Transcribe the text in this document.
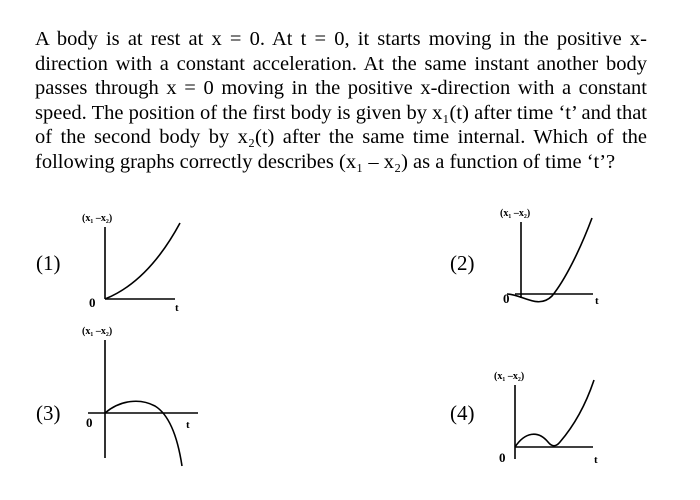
A body is at rest at x = 0. At t = 0, it starts moving in the positive x-direction with a constant acceleration. At the same instant another body passes through x = 0 moving in the positive x-direction with a constant speed. The position of the first body is given by x₁(t) after time ‘t’ and that of the second body by x₂(t) after the same time internal. Which of the following graphs correctly describes (x₁ – x₂) as a function of time ‘t’?

(1)
(x₁ –x₂)
0	t
(2)
(x₁ –x₂)
0	t
(3)
(x₁ –x₂)
0	t	(4)
(x₁ –x₂)
0	t
